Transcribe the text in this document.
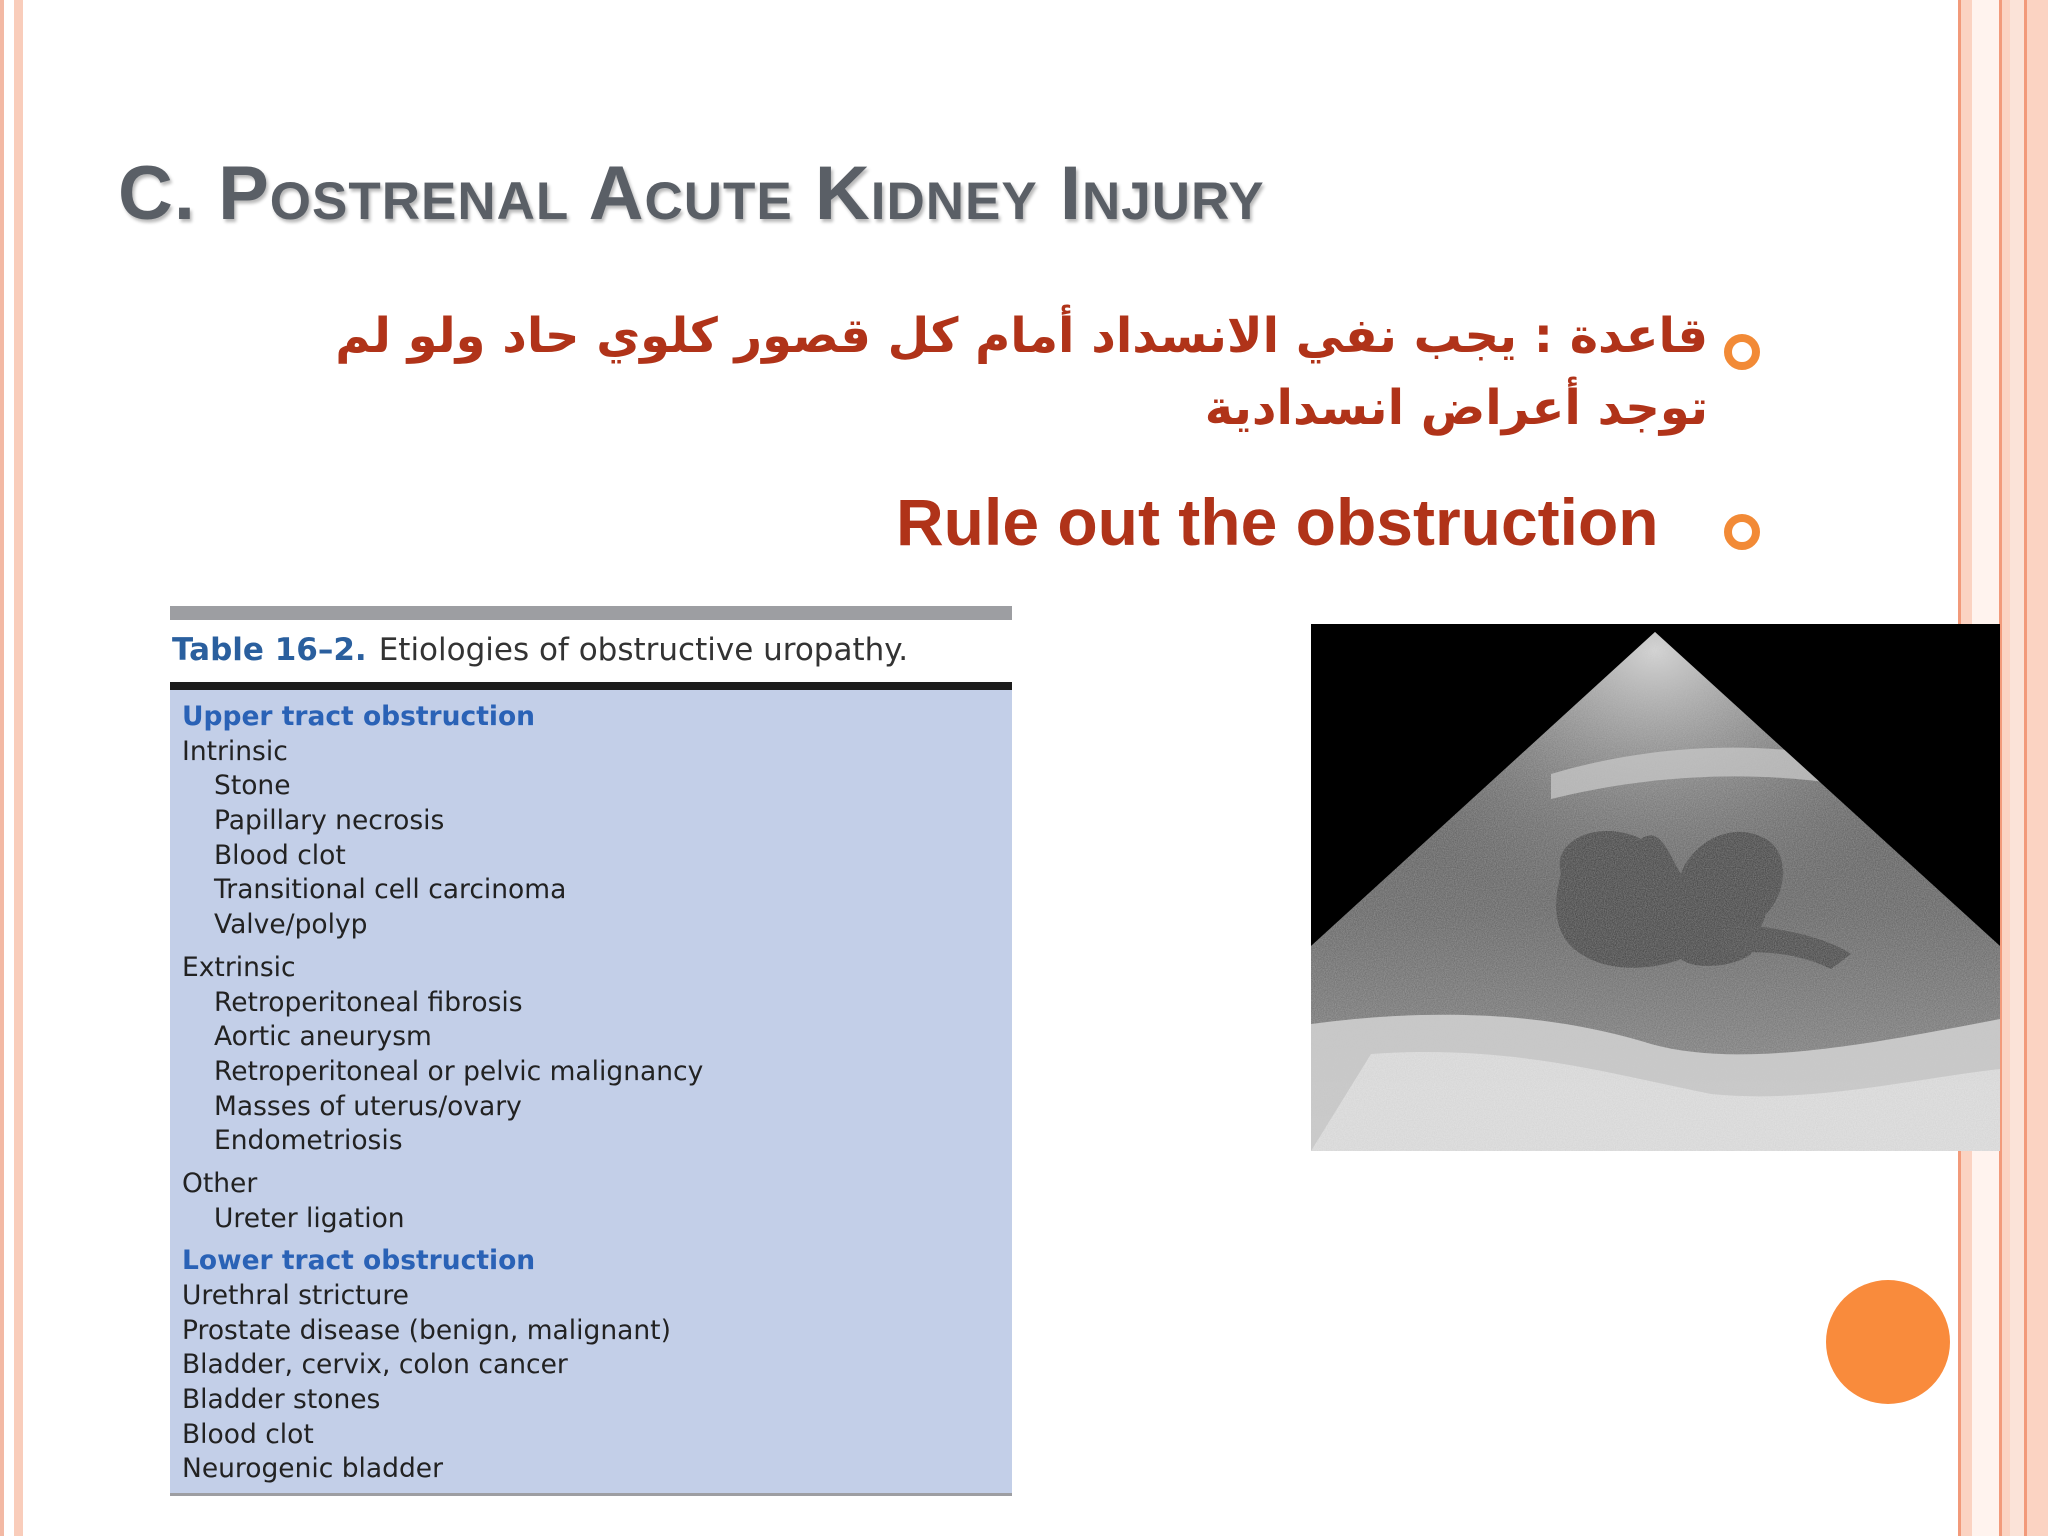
C. Postrenal Acute Kidney Injury

قاعدة : يجب نفي الانسداد أمام كل قصور كلوي حاد ولو لم توجد أعراض انسدادية

Rule out the obstruction

Table 16–2. Etiologies of obstructive uropathy.
Upper tract obstruction
Intrinsic
Stone
Papillary necrosis
Blood clot
Transitional cell carcinoma
Valve/polyp
Extrinsic
Retroperitoneal fibrosis
Aortic aneurysm
Retroperitoneal or pelvic malignancy
Masses of uterus/ovary
Endometriosis
Other
Ureter ligation
Lower tract obstruction
Urethral stricture
Prostate disease (benign, malignant)
Bladder, cervix, colon cancer
Bladder stones
Blood clot
Neurogenic bladder
